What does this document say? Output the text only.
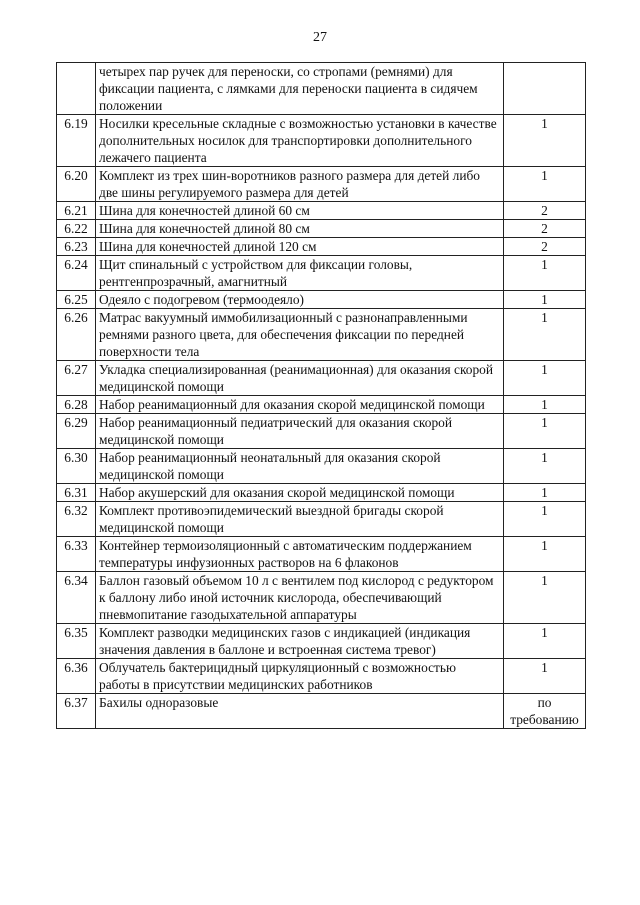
27
	четырех пар ручек для переноски, со стропами (ремнями) для фиксации пациента, с лямками для переноски пациента в сидячем положении	
6.19	Носилки кресельные складные с возможностью установки в качестве дополнительных носилок для транспортировки дополнительного лежачего пациента	1
6.20	Комплект из трех шин-воротников разного размера для детей либо две шины регулируемого размера для детей	1
6.21	Шина для конечностей длиной 60 см	2
6.22	Шина для конечностей длиной 80 см	2
6.23	Шина для конечностей длиной 120 см	2
6.24	Щит спинальный с устройством для фиксации головы, рентгенпрозрачный, амагнитный	1
6.25	Одеяло с подогревом (термоодеяло)	1
6.26	Матрас вакуумный иммобилизационный с разнонаправленными ремнями разного цвета, для обеспечения фиксации по передней поверхности тела	1
6.27	Укладка специализированная (реанимационная) для оказания скорой медицинской помощи	1
6.28	Набор реанимационный для оказания скорой медицинской помощи	1
6.29	Набор реанимационный педиатрический для оказания скорой медицинской помощи	1
6.30	Набор реанимационный неонатальный для оказания скорой медицинской помощи	1
6.31	Набор акушерский для оказания скорой медицинской помощи	1
6.32	Комплект противоэпидемический выездной бригады скорой медицинской помощи	1
6.33	Контейнер термоизоляционный с автоматическим поддержанием температуры инфузионных растворов на 6 флаконов	1
6.34	Баллон газовый объемом 10 л с вентилем под кислород с редуктором к баллону либо иной источник кислорода, обеспечивающий пневмопитание газодыхательной аппаратуры	1
6.35	Комплект разводки медицинских газов с индикацией (индикация значения давления в баллоне и встроенная система тревог)	1
6.36	Облучатель бактерицидный циркуляционный с возможностью работы в присутствии медицинских работников	1
6.37	Бахилы одноразовые	по требованию
